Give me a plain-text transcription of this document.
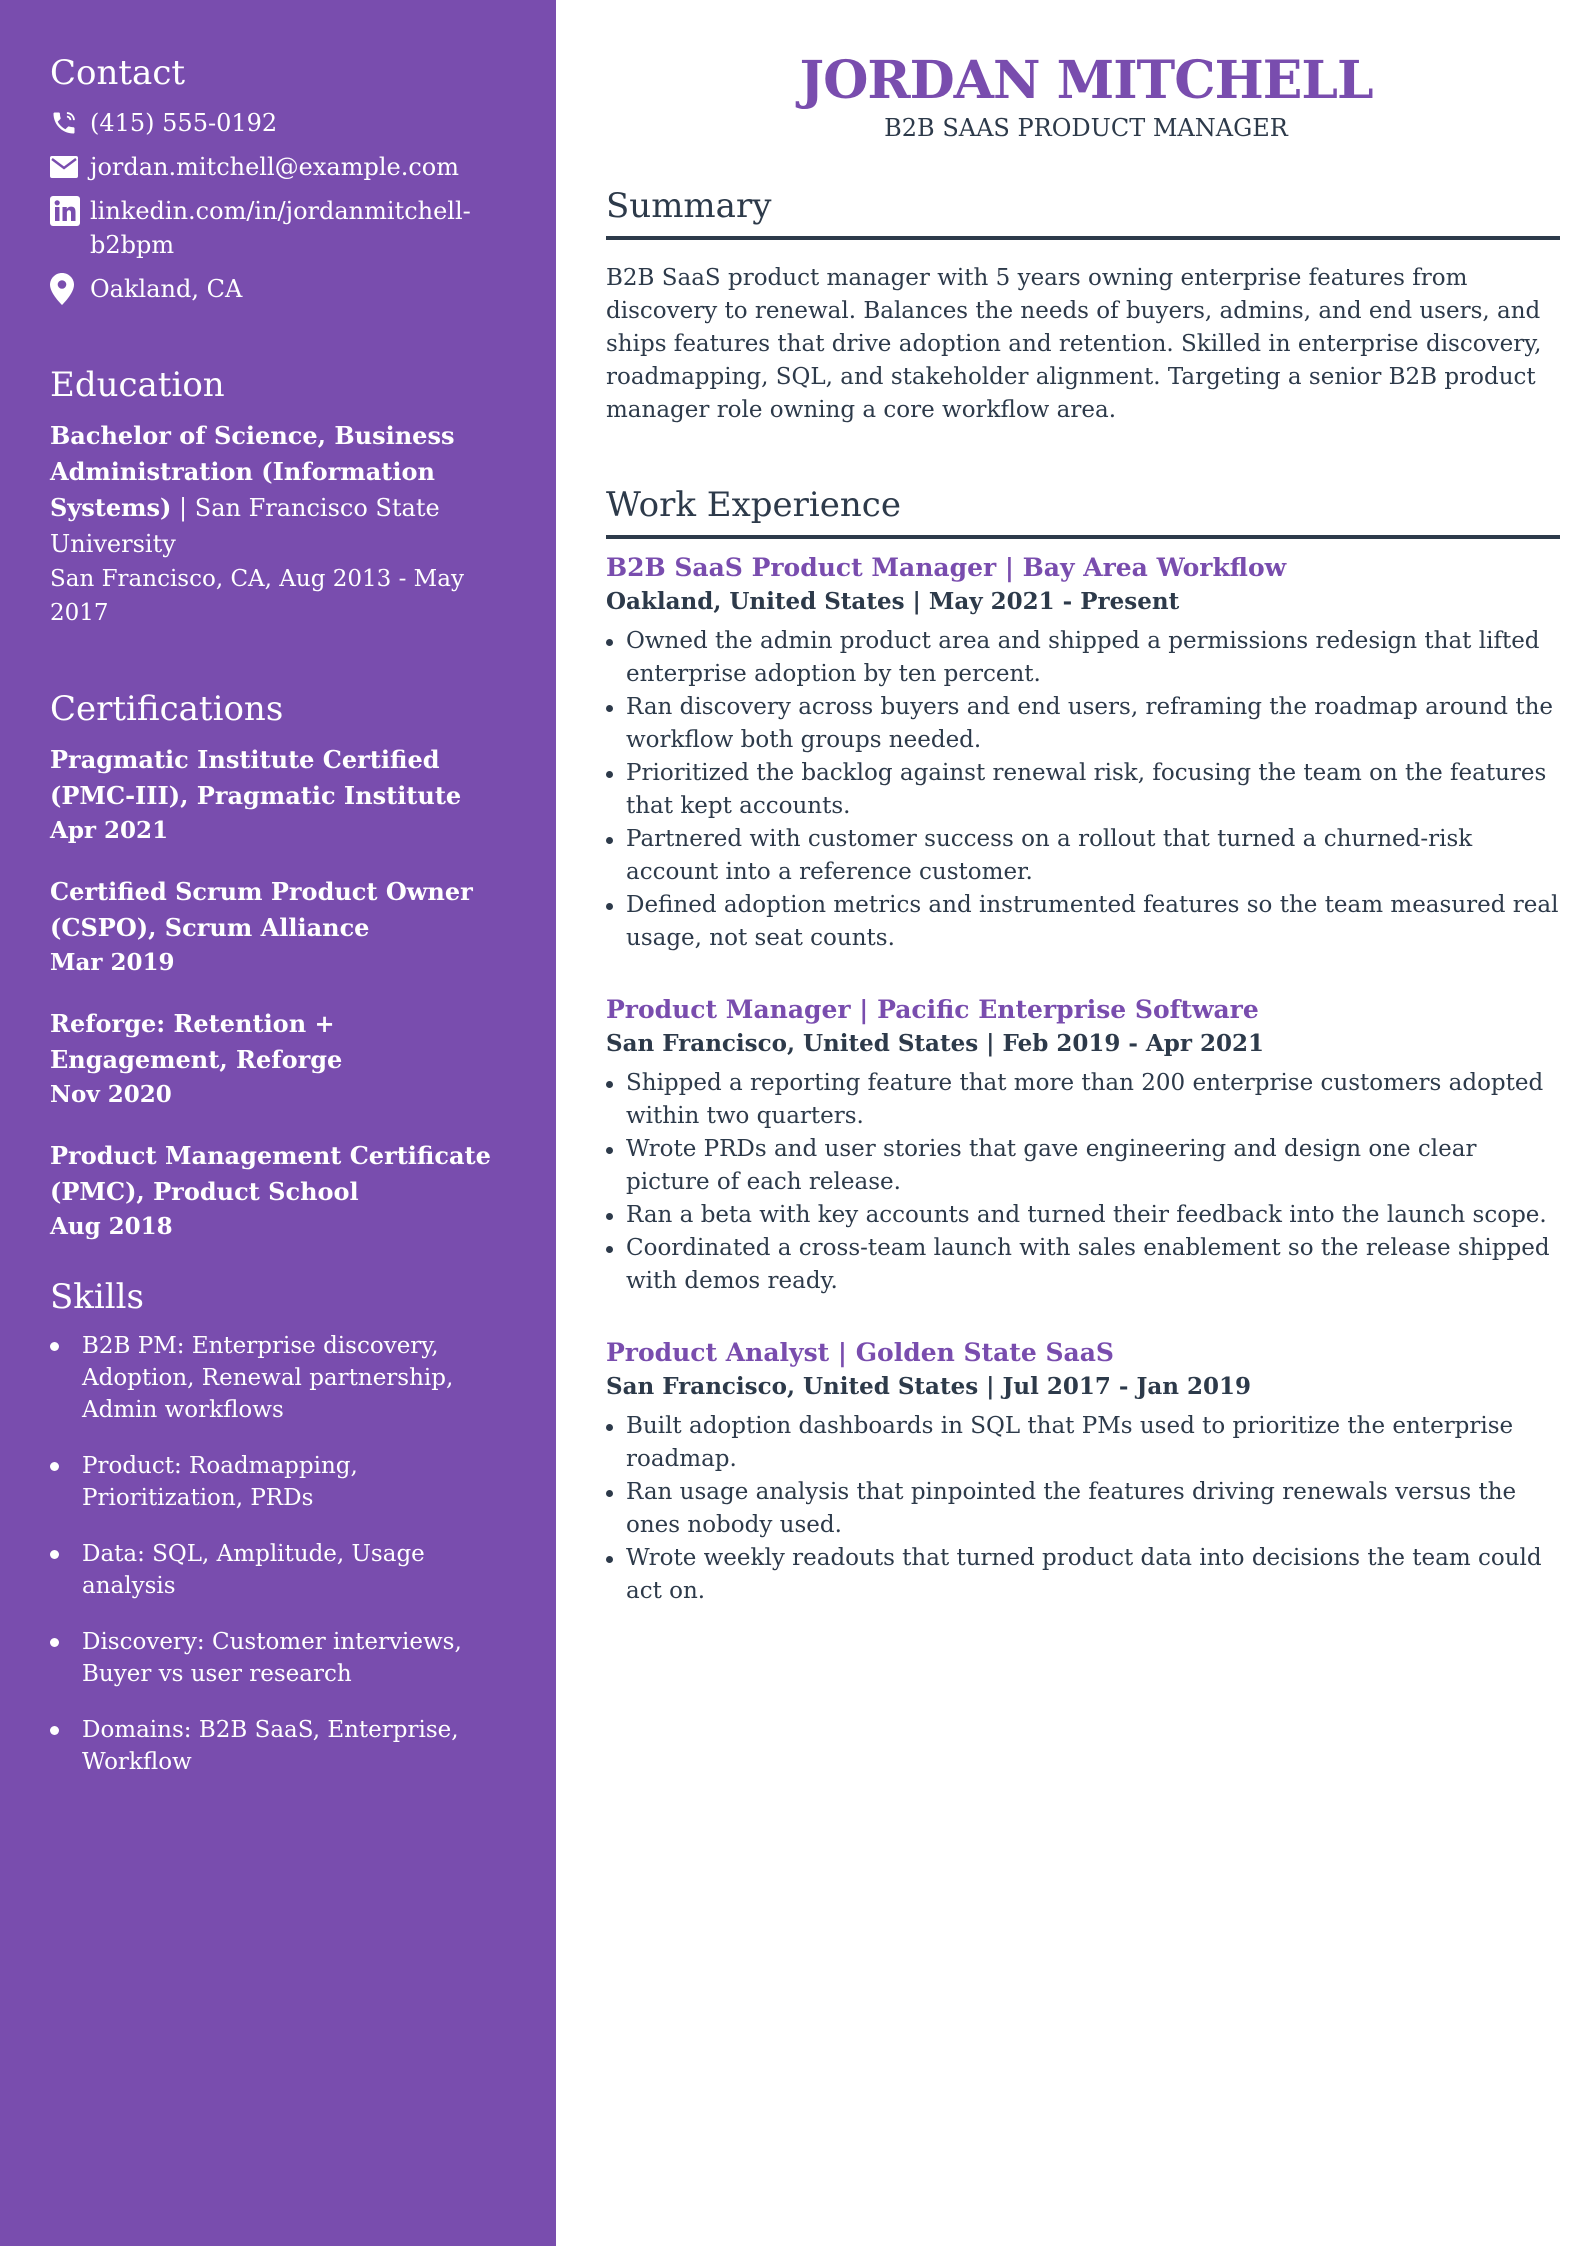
Contact
(415) 555-0192
jordan.mitchell@example.com
linkedin.com/in/jordanmitchell-b2bpm
Oakland, CA
Education
Bachelor of Science, Business Administration (Information Systems) | San Francisco State University
San Francisco, CA, Aug 2013 - May 2017
Certifications
Pragmatic Institute Certified (PMC-III), Pragmatic Institute
Apr 2021
Certified Scrum Product Owner (CSPO), Scrum Alliance
Mar 2019
Reforge: Retention + Engagement, Reforge
Nov 2020
Product Management Certificate (PMC), Product School
Aug 2018
Skills
B2B PM: Enterprise discovery, Adoption, Renewal partnership, Admin workflows
Product: Roadmapping, Prioritization, PRDs
Data: SQL, Amplitude, Usage analysis
Discovery: Customer interviews, Buyer vs user research
Domains: B2B SaaS, Enterprise, Workflow
JORDAN MITCHELL
B2B SAAS PRODUCT MANAGER
Summary

B2B SaaS product manager with 5 years owning enterprise features from discovery to renewal. Balances the needs of buyers, admins, and end users, and ships features that drive adoption and retention. Skilled in enterprise discovery, roadmapping, SQL, and stakeholder alignment. Targeting a senior B2B product manager role owning a core workflow area.

Work Experience
B2B SaaS Product Manager | Bay Area Workflow
Oakland, United States | May 2021 - Present
Owned the admin product area and shipped a permissions redesign that lifted enterprise adoption by ten percent.
Ran discovery across buyers and end users, reframing the roadmap around the workflow both groups needed.
Prioritized the backlog against renewal risk, focusing the team on the features that kept accounts.
Partnered with customer success on a rollout that turned a churned-risk account into a reference customer.
Defined adoption metrics and instrumented features so the team measured real usage, not seat counts.
Product Manager | Pacific Enterprise Software
San Francisco, United States | Feb 2019 - Apr 2021
Shipped a reporting feature that more than 200 enterprise customers adopted within two quarters.
Wrote PRDs and user stories that gave engineering and design one clear picture of each release.
Ran a beta with key accounts and turned their feedback into the launch scope.
Coordinated a cross-team launch with sales enablement so the release shipped with demos ready.
Product Analyst | Golden State SaaS
San Francisco, United States | Jul 2017 - Jan 2019
Built adoption dashboards in SQL that PMs used to prioritize the enterprise roadmap.
Ran usage analysis that pinpointed the features driving renewals versus the ones nobody used.
Wrote weekly readouts that turned product data into decisions the team could act on.
